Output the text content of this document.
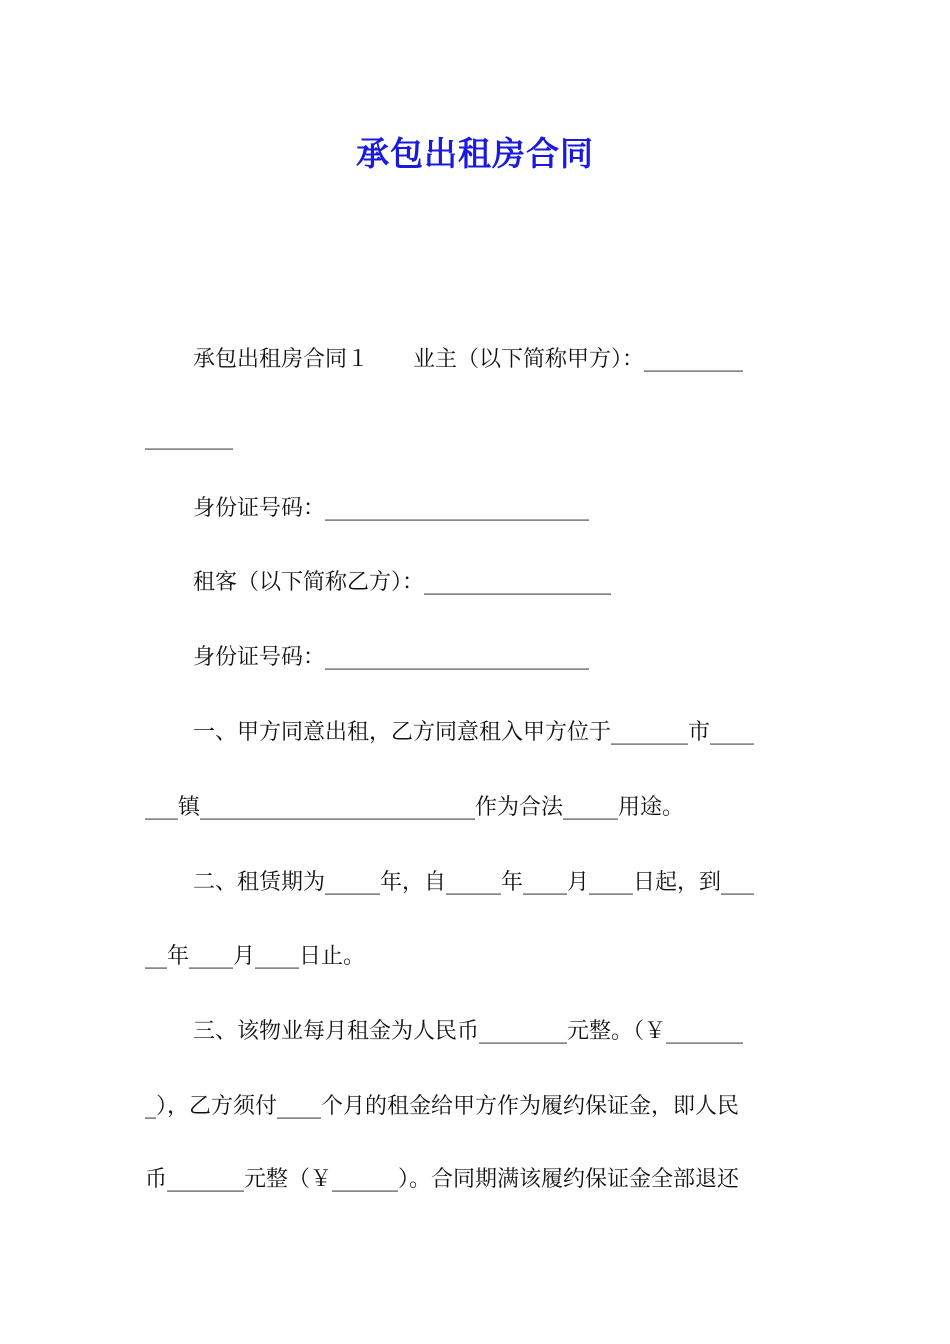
承包出租房合同
承包出租房合同１　　业主（以下简称甲方）：_________
________
身份证号码：________________________
租客（以下简称乙方）：_________________
身份证号码：________________________
一、甲方同意出租，乙方同意租入甲方位于_______市____
___镇_________________________作为合法_____用途。
二、租赁期为_____年，自_____年____月____日起，到___
__年____月____日止。
三、该物业每月租金为人民币________元整。（￥_______
_），乙方须付____个月的租金给甲方作为履约保证金，即人民
币_______元整（￥______）。合同期满该履约保证金全部退还
